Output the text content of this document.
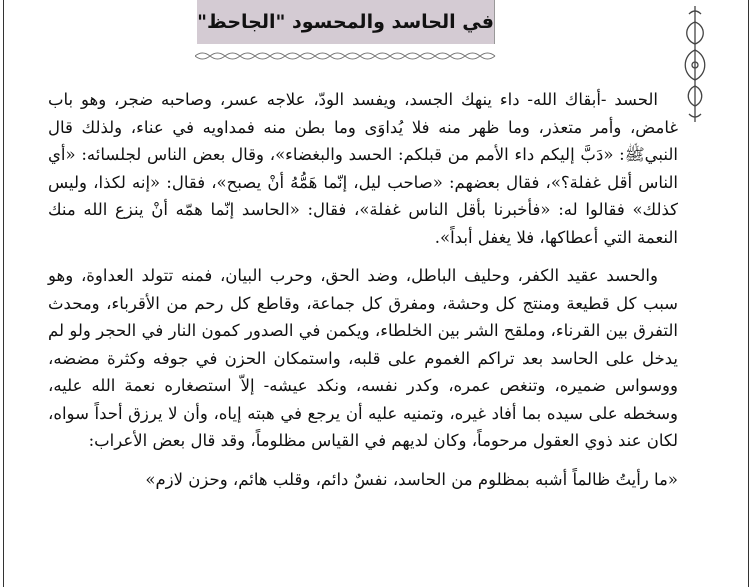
في الحاسد والمحسود "الجاحظ"

الحسد -أبقاك الله- داء ينهك الجسد، ويفسد الودّ، علاجه عسر، وصاحبه ضجر، وهو باب غامض، وأمر متعذر، وما ظهر منه فلا يُداوَى وما بطن منه فمداويه في عناء، ولذلك قال النبيﷺ: «دَبَّ إليكم داء الأمم من قبلكم: الحسد والبغضاء»، وقال بعض الناس لجلسائه: «أي الناس أقل غفلة؟»، فقال بعضهم: «صاحب ليل، إنّما هَمُّهُ أنْ يصبح»، فقال: «إنه لكذا، وليس كذلك» فقالوا له: «فأخبرنا بأقل الناس غفلة»، فقال: «الحاسد إنّما همّه أنْ ينزع الله منك النعمة التي أعطاكها، فلا يغفل أبداً».

والحسد عقيد الكفر، وحليف الباطل، وضد الحق، وحرب البيان، فمنه تتولد العداوة، وهو سبب كل قطيعة ومنتج كل وحشة، ومفرق كل جماعة، وقاطع كل رحم من الأقرباء، ومحدث التفرق بين القرناء، وملقح الشر بين الخلطاء، ويكمن في الصدور كمون النار في الحجر ولو لم يدخل على الحاسد بعد تراكم الغموم على قلبه، واستمكان الحزن في جوفه وكثرة مضضه، ووسواس ضميره، وتنغص عمره، وكدر نفسه، ونكد عيشه- إلاّ استصغاره نعمة الله عليه، وسخطه على سيده بما أفاد غيره، وتمنيه عليه أن يرجع في هبته إياه، وأن لا يرزق أحداً سواه، لكان عند ذوي العقول مرحوماً، وكان لديهم في القياس مظلوماً، وقد قال بعض الأعراب:

«ما رأيتُ ظالماً أشبه بمظلوم من الحاسد، نفسٌ دائم، وقلب هائم، وحزن لازم»
